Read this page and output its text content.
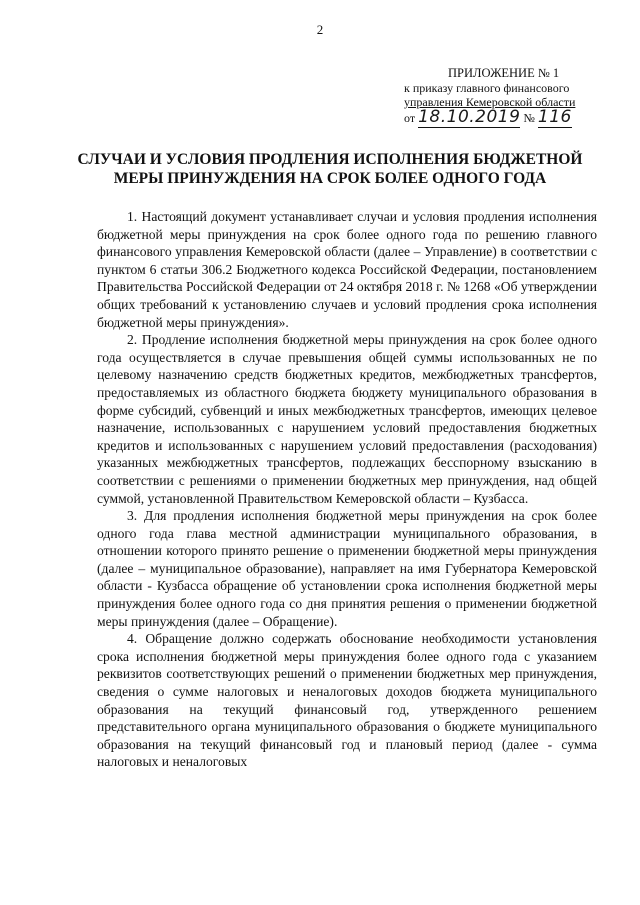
2
ПРИЛОЖЕНИЕ № 1
к приказу главного финансового
управления Кемеровской области
от 18.10.2019 № 116
СЛУЧАИ И УСЛОВИЯ ПРОДЛЕНИЯ ИСПОЛНЕНИЯ БЮДЖЕТНОЙ
МЕРЫ ПРИНУЖДЕНИЯ НА СРОК БОЛЕЕ ОДНОГО ГОДА

1. Настоящий документ устанавливает случаи и условия продления исполнения бюджетной меры принуждения на срок более одного года по решению главного финансового управления Кемеровской области (далее – Управление) в соответствии с пунктом 6 статьи 306.2 Бюджетного кодекса Российской Федерации, постановлением Правительства Российской Федерации от 24 октября 2018 г. № 1268 «Об утверждении общих требований к установлению случаев и условий продления срока исполнения бюджетной меры принуждения».

2. Продление исполнения бюджетной меры принуждения на срок более одного года осуществляется в случае превышения общей суммы использованных не по целевому назначению средств бюджетных кредитов, межбюджетных трансфертов, предоставляемых из областного бюджета бюджету муниципального образования в форме субсидий, субвенций и иных межбюджетных трансфертов, имеющих целевое назначение, использованных с нарушением условий предоставления бюджетных кредитов и использованных с нарушением условий предоставления (расходования) указанных межбюджетных трансфертов, подлежащих бесспорному взысканию в соответствии с решениями о применении бюджетных мер принуждения, над общей суммой, установленной Правительством Кемеровской области – Кузбасса.

3. Для продления исполнения бюджетной меры принуждения на срок более одного года глава местной администрации муниципального образования, в отношении которого принято решение о применении бюджетной меры принуждения (далее – муниципальное образование), направляет на имя Губернатора Кемеровской области - Кузбасса обращение об установлении срока исполнения бюджетной меры принуждения более одного года со дня принятия решения о применении бюджетной меры принуждения (далее – Обращение).

4. Обращение должно содержать обоснование необходимости установления срока исполнения бюджетной меры принуждения более одного года с указанием реквизитов соответствующих решений о применении бюджетных мер принуждения, сведения о сумме налоговых и неналоговых доходов бюджета муниципального образования на текущий финансовый год, утвержденного решением представительного органа муниципального образования о бюджете муниципального образования на текущий финансовый год и плановый период (далее - сумма налоговых и неналоговых
